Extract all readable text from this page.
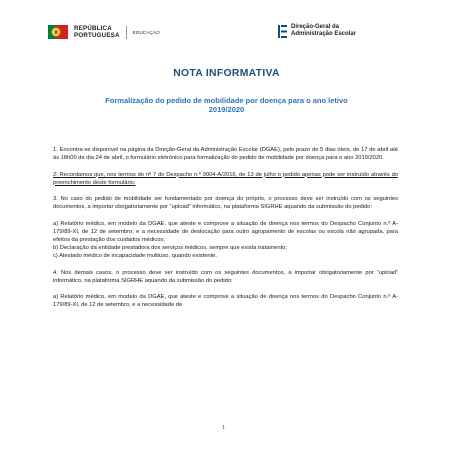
REPÚBLICA
PORTUGUESA	EDUCAÇÃO
Direção-Geral da
Administração Escolar
NOTA INFORMATIVA
Formalização do pedido de mobilidade por doença para o ano letivo
2019/2020

1. Encontra-se disponível na página da Direção-Geral da Administração Escolar (DGAE), pelo prazo de 5 dias úteis, de 17 de abril até às 18h00 de dia 24 de abril, o formulário eletrónico para formalização do pedido de mobilidade por doença para o ano 2019/2020.

2. Recordamos que, nos termos do nº 7 do Despacho n.º 9004-A/2016, de 13 de julho o pedido apenas pode ser instruído através do preenchimento deste formulário.

3. No caso do pedido de mobilidade ser fundamentado por doença do próprio, o processo deve ser instruído com os seguintes documentos, a importar obrigatoriamente por “upload” informático, na plataforma SIGRHE aquando da submissão do pedido:

a) Relatório médico, em modelo da DGAE, que ateste e comprove a situação de doença nos termos do Despacho Conjunto n.º A-179/89-XI, de 12 de setembro, e a necessidade de deslocação para outro agrupamento de escolas ou escola não agrupada, para efeitos da prestação dos cuidados médicos;
b) Declaração da entidade prestadora dos serviços médicos, sempre que exista tratamento;
c) Atestado médico de incapacidade multiuso, quando existente.

4. Nos demais casos, o processo deve ser instruído com os seguintes documentos, a importar obrigatoriamente por “upload” informático, na plataforma SIGRHE aquando da submissão do pedido:

a) Relatório médico, em modelo da DGAE, que ateste e comprove a situação de doença nos termos do Despacho Conjunto n.º A-179/89-XI, de 12 de setembro, e a necessidade de

1
